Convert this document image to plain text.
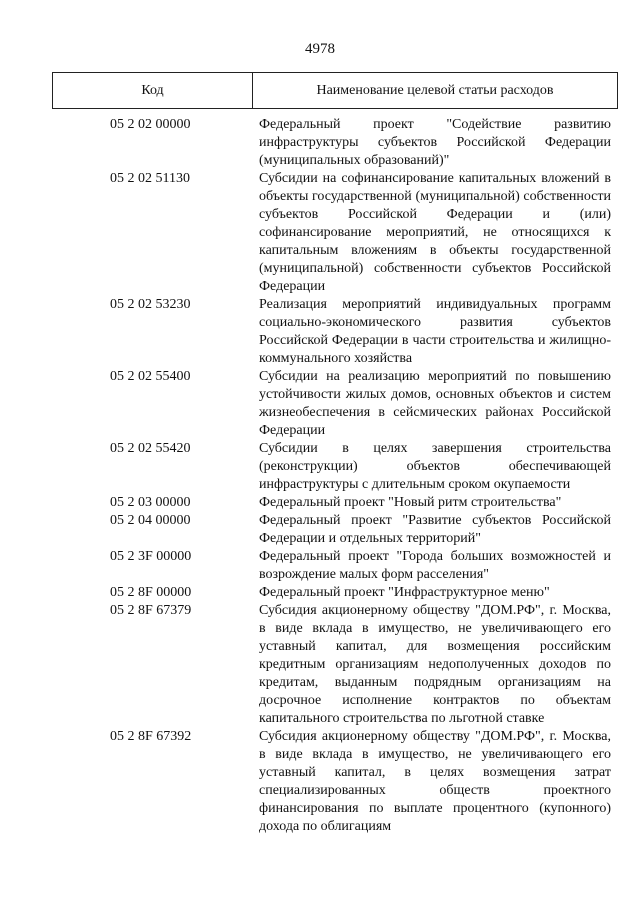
4978
Код	Наименование целевой статьи расходов
05 2 02 00000	Федеральный проект "Содействие развитию инфраструктуры субъектов Российской Федерации (муниципальных образований)"
05 2 02 51130	Субсидии на софинансирование капитальных вложений в объекты государственной (муниципальной) собственности субъектов Российской Федерации и (или) софинансирование мероприятий, не относящихся к капитальным вложениям в объекты государственной (муниципальной) собственности субъектов Российской Федерации
05 2 02 53230	Реализация мероприятий индивидуальных программ социально-экономического развития субъектов Российской Федерации в части строительства и жилищно-коммунального хозяйства
05 2 02 55400	Субсидии на реализацию мероприятий по повышению устойчивости жилых домов, основных объектов и систем жизнеобеспечения в сейсмических районах Российской Федерации
05 2 02 55420	Субсидии в целях завершения строительства (реконструкции) объектов обеспечивающей инфраструктуры с длительным сроком окупаемости
05 2 03 00000	Федеральный проект "Новый ритм строительства"
05 2 04 00000	Федеральный проект "Развитие субъектов Российской Федерации и отдельных территорий"
05 2 3F 00000	Федеральный проект "Города больших возможностей и возрождение малых форм расселения"
05 2 8F 00000	Федеральный проект "Инфраструктурное меню"
05 2 8F 67379	Субсидия акционерному обществу "ДОМ.РФ", г. Москва, в виде вклада в имущество, не увеличивающего его уставный капитал, для возмещения российским кредитным организациям недополученных доходов по кредитам, выданным подрядным организациям на досрочное исполнение контрактов по объектам капитального строительства по льготной ставке
05 2 8F 67392	Субсидия акционерному обществу "ДОМ.РФ", г. Москва, в виде вклада в имущество, не увеличивающего его уставный капитал, в целях возмещения затрат специализированных обществ проектного финансирования по выплате процентного (купонного) дохода по облигациям
